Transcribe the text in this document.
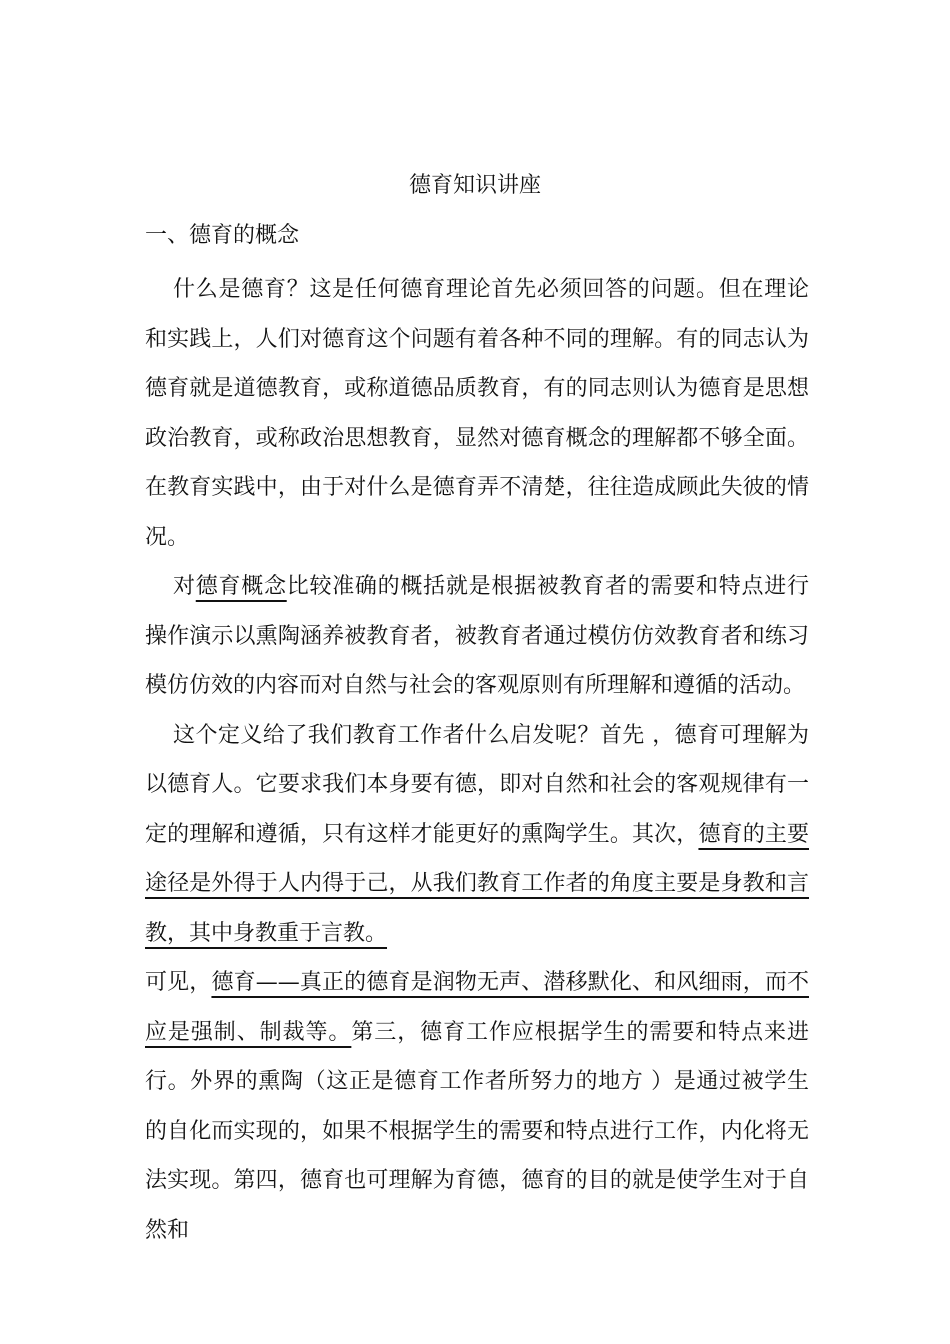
德育知识讲座
一、德育的概念

什么是德育？这是任何德育理论首先必须回答的问题。但在理论和实践上，人们对德育这个问题有着各种不同的理解。有的同志认为德育就是道德教育，或称道德品质教育，有的同志则认为德育是思想政治教育，或称政治思想教育，显然对德育概念的理解都不够全面。在教育实践中，由于对什么是德育弄不清楚，往往造成顾此失彼的情况。

对德育概念比较准确的概括就是根据被教育者的需要和特点进行操作演示以熏陶涵养被教育者，被教育者通过模仿仿效教育者和练习模仿仿效的内容而对自然与社会的客观原则有所理解和遵循的活动。

这个定义给了我们教育工作者什么启发呢？首先 ，德育可理解为以德育人。它要求我们本身要有德，即对自然和社会的客观规律有一定的理解和遵循，只有这样才能更好的熏陶学生。其次，德育的主要途径是外得于人内得于己，从我们教育工作者的角度主要是身教和言教，其中身教重于言教。

可见，德育——真正的德育是润物无声、潜移默化、和风细雨，而不应是强制、制裁等。第三，德育工作应根据学生的需要和特点来进行。外界的熏陶（这正是德育工作者所努力的地方 ）是通过被学生的自化而实现的，如果不根据学生的需要和特点进行工作，内化将无法实现。第四，德育也可理解为育德，德育的目的就是使学生对于自然和
